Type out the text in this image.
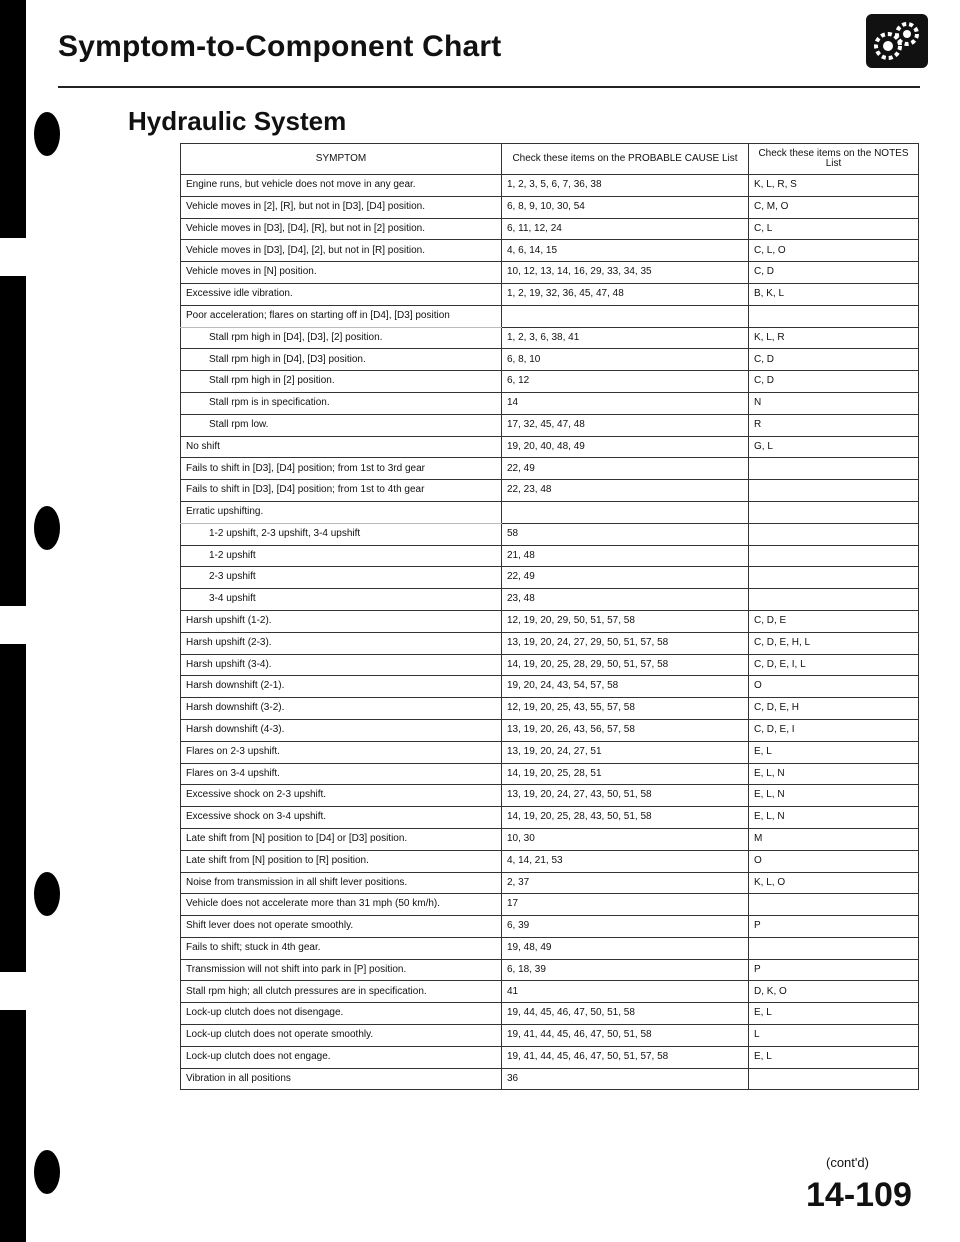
Symptom-to-Component Chart
Hydraulic System
SYMPTOM	Check these items on the PROBABLE CAUSE List	Check these items on the NOTES List
Engine runs, but vehicle does not move in any gear.	1, 2, 3, 5, 6, 7, 36, 38	K, L, R, S
Vehicle moves in [2], [R], but not in [D3], [D4] position.	6, 8, 9, 10, 30, 54	C, M, O
Vehicle moves in [D3], [D4], [R], but not in [2] position.	6, 11, 12, 24	C, L
Vehicle moves in [D3], [D4], [2], but not in [R] position.	4, 6, 14, 15	C, L, O
Vehicle moves in [N] position.	10, 12, 13, 14, 16, 29, 33, 34, 35	C, D
Excessive idle vibration.	1, 2, 19, 32, 36, 45, 47, 48	B, K, L
Poor acceleration; flares on starting off in [D4], [D3] position		
Stall rpm high in [D4], [D3], [2] position.	1, 2, 3, 6, 38, 41	K, L, R
Stall rpm high in [D4], [D3] position.	6, 8, 10	C, D
Stall rpm high in [2] position.	6, 12	C, D
Stall rpm is in specification.	14	N
Stall rpm low.	17, 32, 45, 47, 48	R
No shift	19, 20, 40, 48, 49	G, L
Fails to shift in [D3], [D4] position; from 1st to 3rd gear	22, 49	
Fails to shift in [D3], [D4] position; from 1st to 4th gear	22, 23, 48	
Erratic upshifting.		
1-2 upshift, 2-3 upshift, 3-4 upshift	58	
1-2 upshift	21, 48	
2-3 upshift	22, 49	
3-4 upshift	23, 48	
Harsh upshift (1-2).	12, 19, 20, 29, 50, 51, 57, 58	C, D, E
Harsh upshift (2-3).	13, 19, 20, 24, 27, 29, 50, 51, 57, 58	C, D, E, H, L
Harsh upshift (3-4).	14, 19, 20, 25, 28, 29, 50, 51, 57, 58	C, D, E, I, L
Harsh downshift (2-1).	19, 20, 24, 43, 54, 57, 58	O
Harsh downshift (3-2).	12, 19, 20, 25, 43, 55, 57, 58	C, D, E, H
Harsh downshift (4-3).	13, 19, 20, 26, 43, 56, 57, 58	C, D, E, I
Flares on 2-3 upshift.	13, 19, 20, 24, 27, 51	E, L
Flares on 3-4 upshift.	14, 19, 20, 25, 28, 51	E, L, N
Excessive shock on 2-3 upshift.	13, 19, 20, 24, 27, 43, 50, 51, 58	E, L, N
Excessive shock on 3-4 upshift.	14, 19, 20, 25, 28, 43, 50, 51, 58	E, L, N
Late shift from [N] position to [D4] or [D3] position.	10, 30	M
Late shift from [N] position to [R] position.	4, 14, 21, 53	O
Noise from transmission in all shift lever positions.	2, 37	K, L, O
Vehicle does not accelerate more than 31 mph (50 km/h).	17	
Shift lever does not operate smoothly.	6, 39	P
Fails to shift; stuck in 4th gear.	19, 48, 49	
Transmission will not shift into park in [P] position.	6, 18, 39	P
Stall rpm high; all clutch pressures are in specification.	41	D, K, O
Lock-up clutch does not disengage.	19, 44, 45, 46, 47, 50, 51, 58	E, L
Lock-up clutch does not operate smoothly.	19, 41, 44, 45, 46, 47, 50, 51, 58	L
Lock-up clutch does not engage.	19, 41, 44, 45, 46, 47, 50, 51, 57, 58	E, L
Vibration in all positions	36	
(cont'd)
14-109
